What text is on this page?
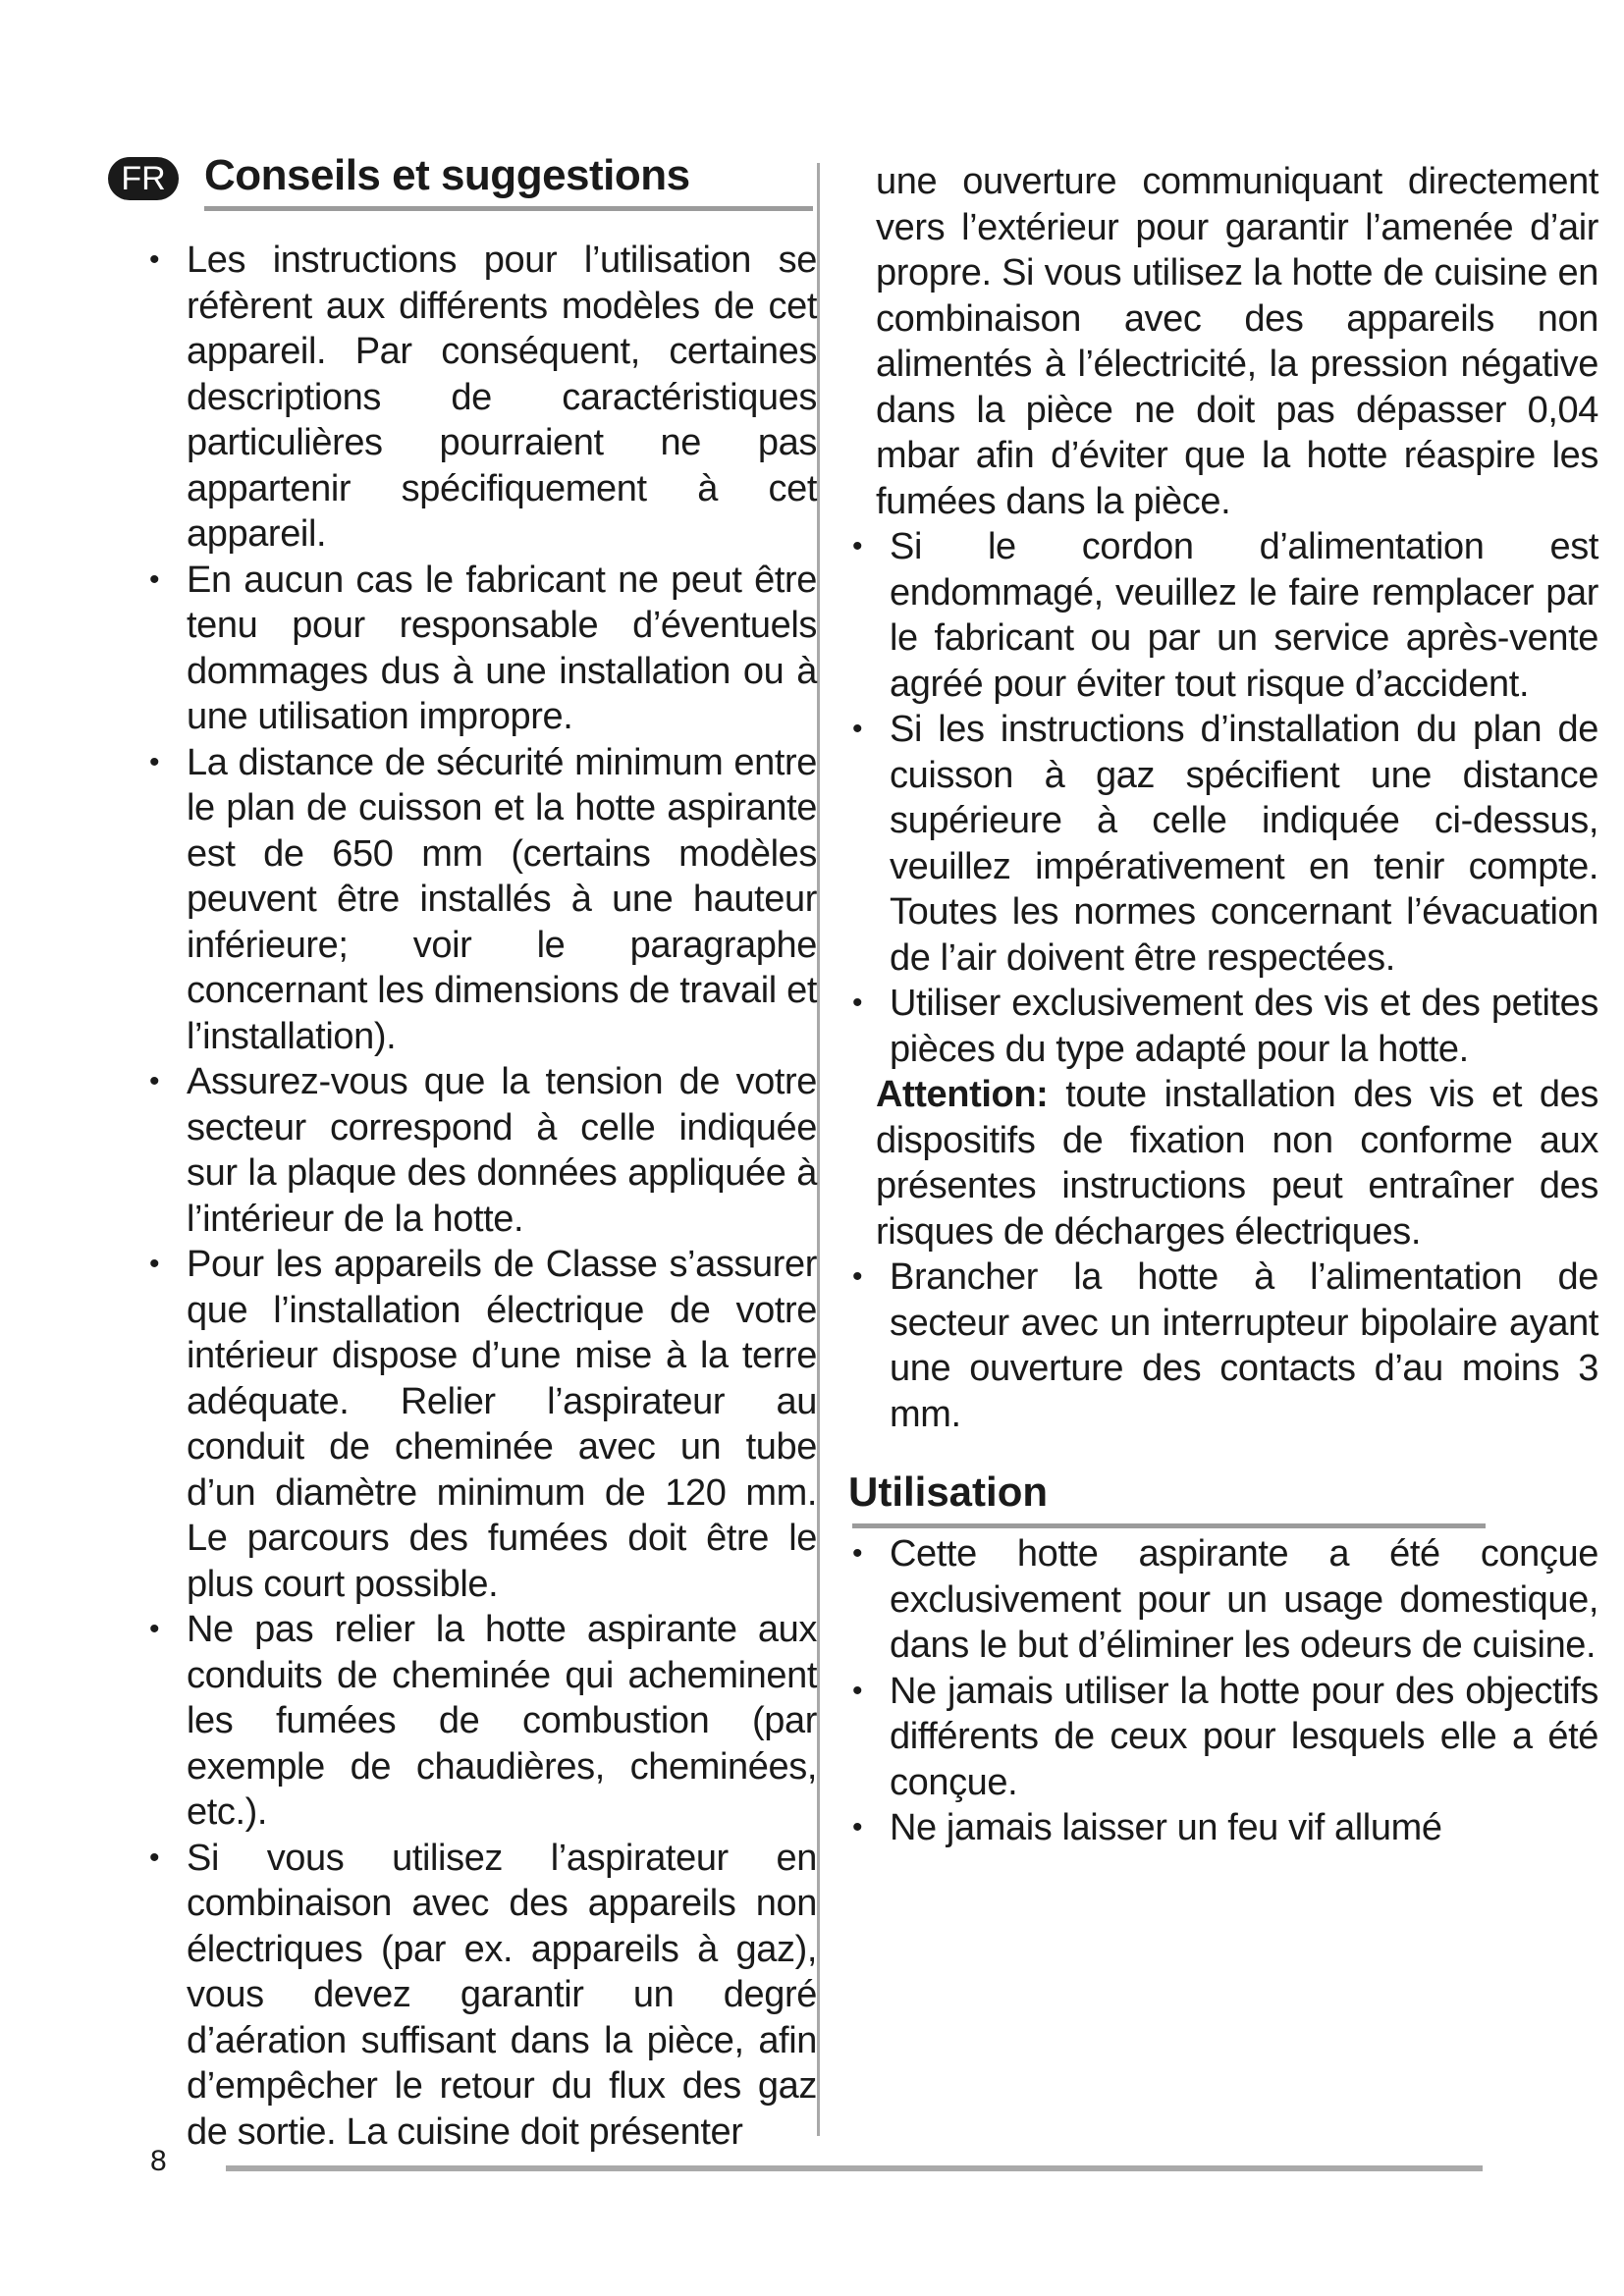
FR Conseils et suggestions
• Les instructions pour l’utilisation se réfèrent aux différents modèles de cet appareil. Par conséquent, certaines descriptions de caractéristiques particulières pourraient ne pas appartenir spécifiquement à cet appareil.
• En aucun cas le fabricant ne peut être tenu pour responsable d’éventuels dommages dus à une installation ou à une utilisation impropre.
• La distance de sécurité minimum entre le plan de cuisson et la hotte aspirante est de 650 mm (certains modèles peuvent être installés à une hauteur inférieure; voir le paragraphe concernant les dimensions de travail et l’installation).
• Assurez-vous que la tension de votre secteur correspond à celle indiquée sur la plaque des données appliquée à l’intérieur de la hotte.
• Pour les appareils de Classe s’assurer que l’installation électrique de votre intérieur dispose d’une mise à la terre adéquate. Relier l’aspirateur au conduit de cheminée avec un tube d’un diamètre minimum de 120 mm. Le parcours des fumées doit être le plus court possible.
• Ne pas relier la hotte aspirante aux conduits de cheminée qui acheminent les fumées de combustion (par exemple de chaudières, cheminées, etc.).
• Si vous utilisez l’aspirateur en combinaison avec des appareils non électriques (par ex. appareils à gaz), vous devez garantir un degré d’aération suffisant dans la pièce, afin d’empêcher le retour du flux des gaz de sortie. La cuisine doit présenter
une ouverture communiquant directement vers l’extérieur pour garantir l’amenée d’air propre. Si vous utilisez la hotte de cuisine en combinaison avec des appareils non alimentés à l’électricité, la pression négative dans la pièce ne doit pas dépasser 0,04 mbar afin d’éviter que la hotte réaspire les fumées dans la pièce.
• Si le cordon d’alimentation est endommagé, veuillez le faire remplacer par le fabricant ou par un service après-vente agréé pour éviter tout risque d’accident.
• Si les instructions d’installation du plan de cuisson à gaz spécifient une distance supérieure à celle indiquée ci-dessus, veuillez impérativement en tenir compte. Toutes les normes concernant l’évacuation de l’air doivent être respectées.
• Utiliser exclusivement des vis et des petites pièces du type adapté pour la hotte.
Attention: toute installation des vis et des dispositifs de fixation non conforme aux présentes instructions peut entraîner des risques de décharges électriques.
• Brancher la hotte à l’alimentation de secteur avec un interrupteur bipolaire ayant une ouverture des contacts d’au moins 3 mm.
Utilisation
• Cette hotte aspirante a été conçue exclusivement pour un usage domestique, dans le but d’éliminer les odeurs de cuisine.
• Ne jamais utiliser la hotte pour des objectifs différents de ceux pour lesquels elle a été conçue.
• Ne jamais laisser un feu vif allumé
8
